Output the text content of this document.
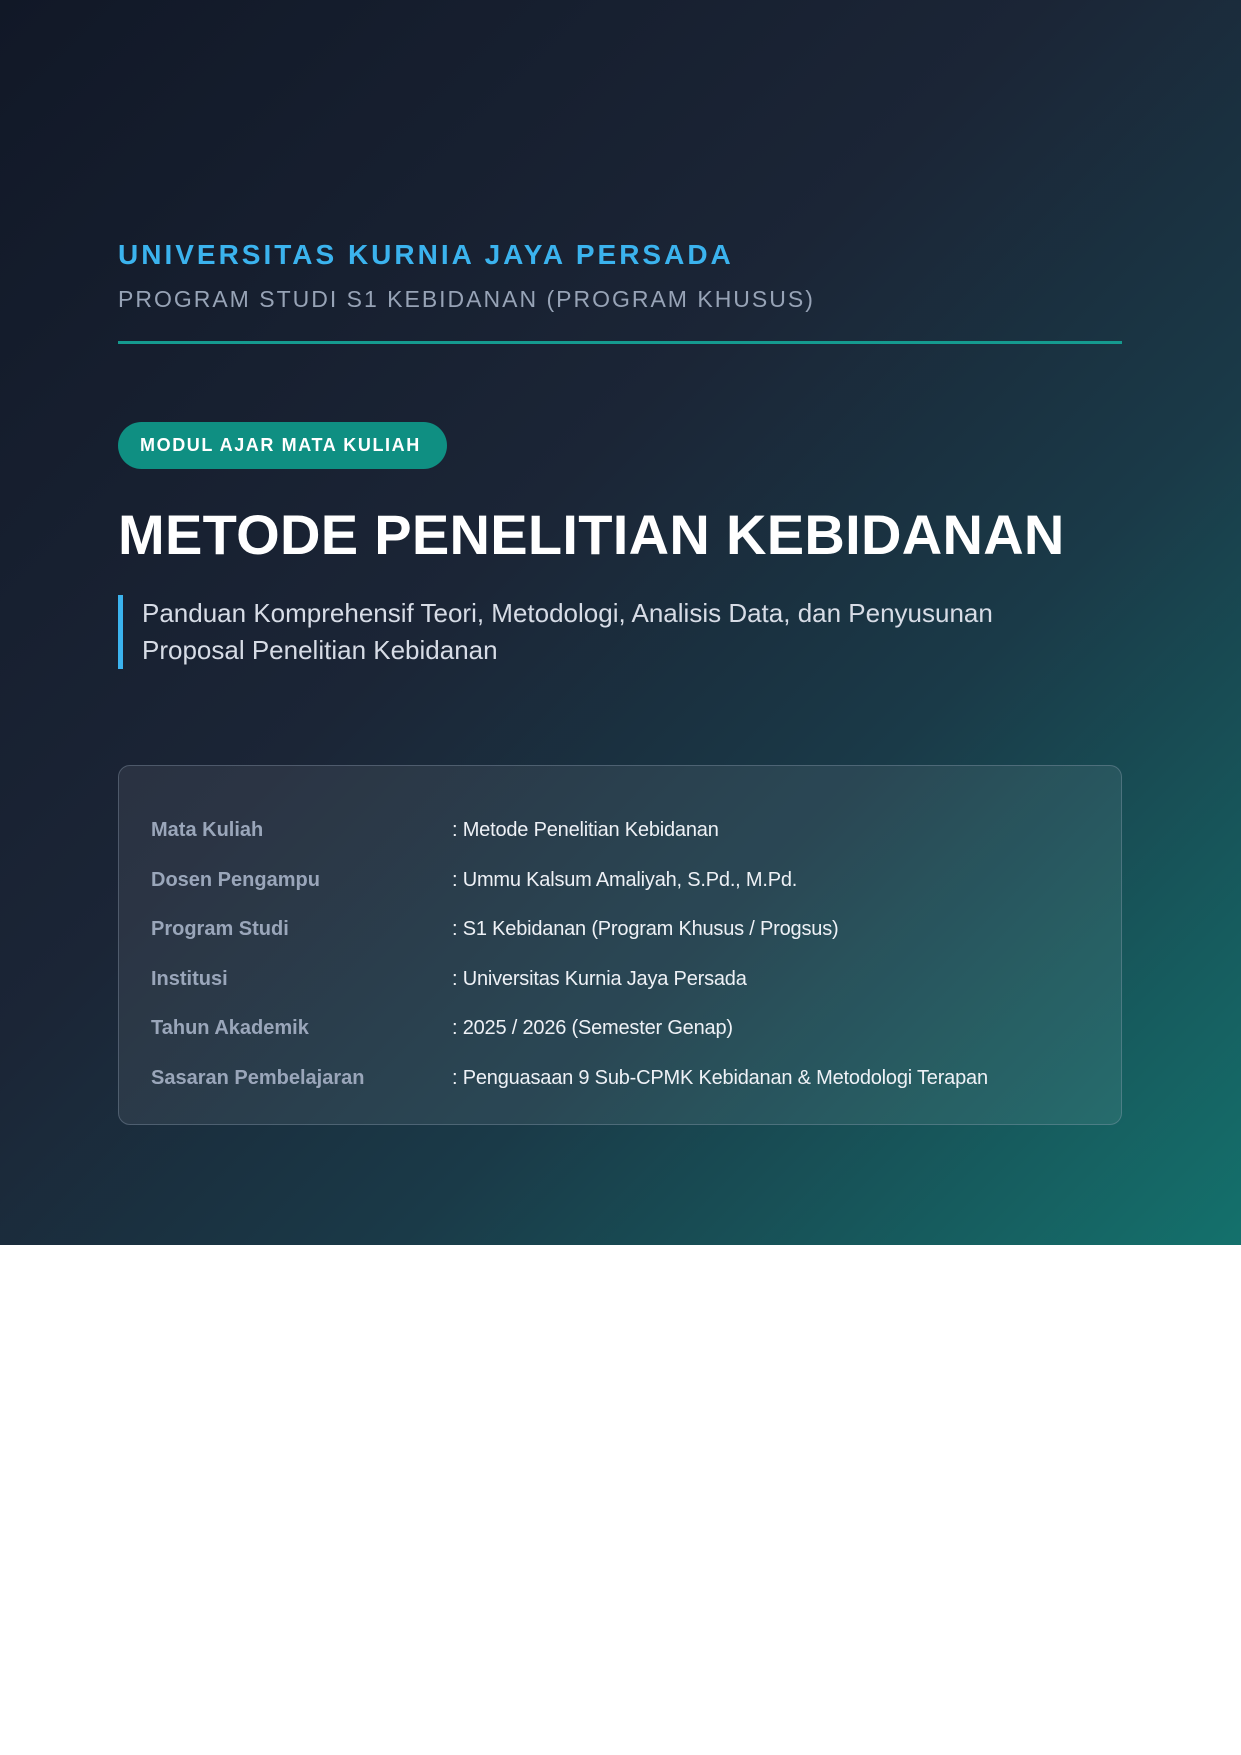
UNIVERSITAS KURNIA JAYA PERSADA
PROGRAM STUDI S1 KEBIDANAN (PROGRAM KHUSUS)
MODUL AJAR MATA KULIAH
METODE PENELITIAN KEBIDANAN
Panduan Komprehensif Teori, Metodologi, Analisis Data, dan Penyusunan Proposal Penelitian Kebidanan
Mata Kuliah	: Metode Penelitian Kebidanan
Dosen Pengampu	: Ummu Kalsum Amaliyah, S.Pd., M.Pd.
Program Studi	: S1 Kebidanan (Program Khusus / Progsus)
Institusi	: Universitas Kurnia Jaya Persada
Tahun Akademik	: 2025 / 2026 (Semester Genap)
Sasaran Pembelajaran	: Penguasaan 9 Sub-CPMK Kebidanan & Metodologi Terapan
